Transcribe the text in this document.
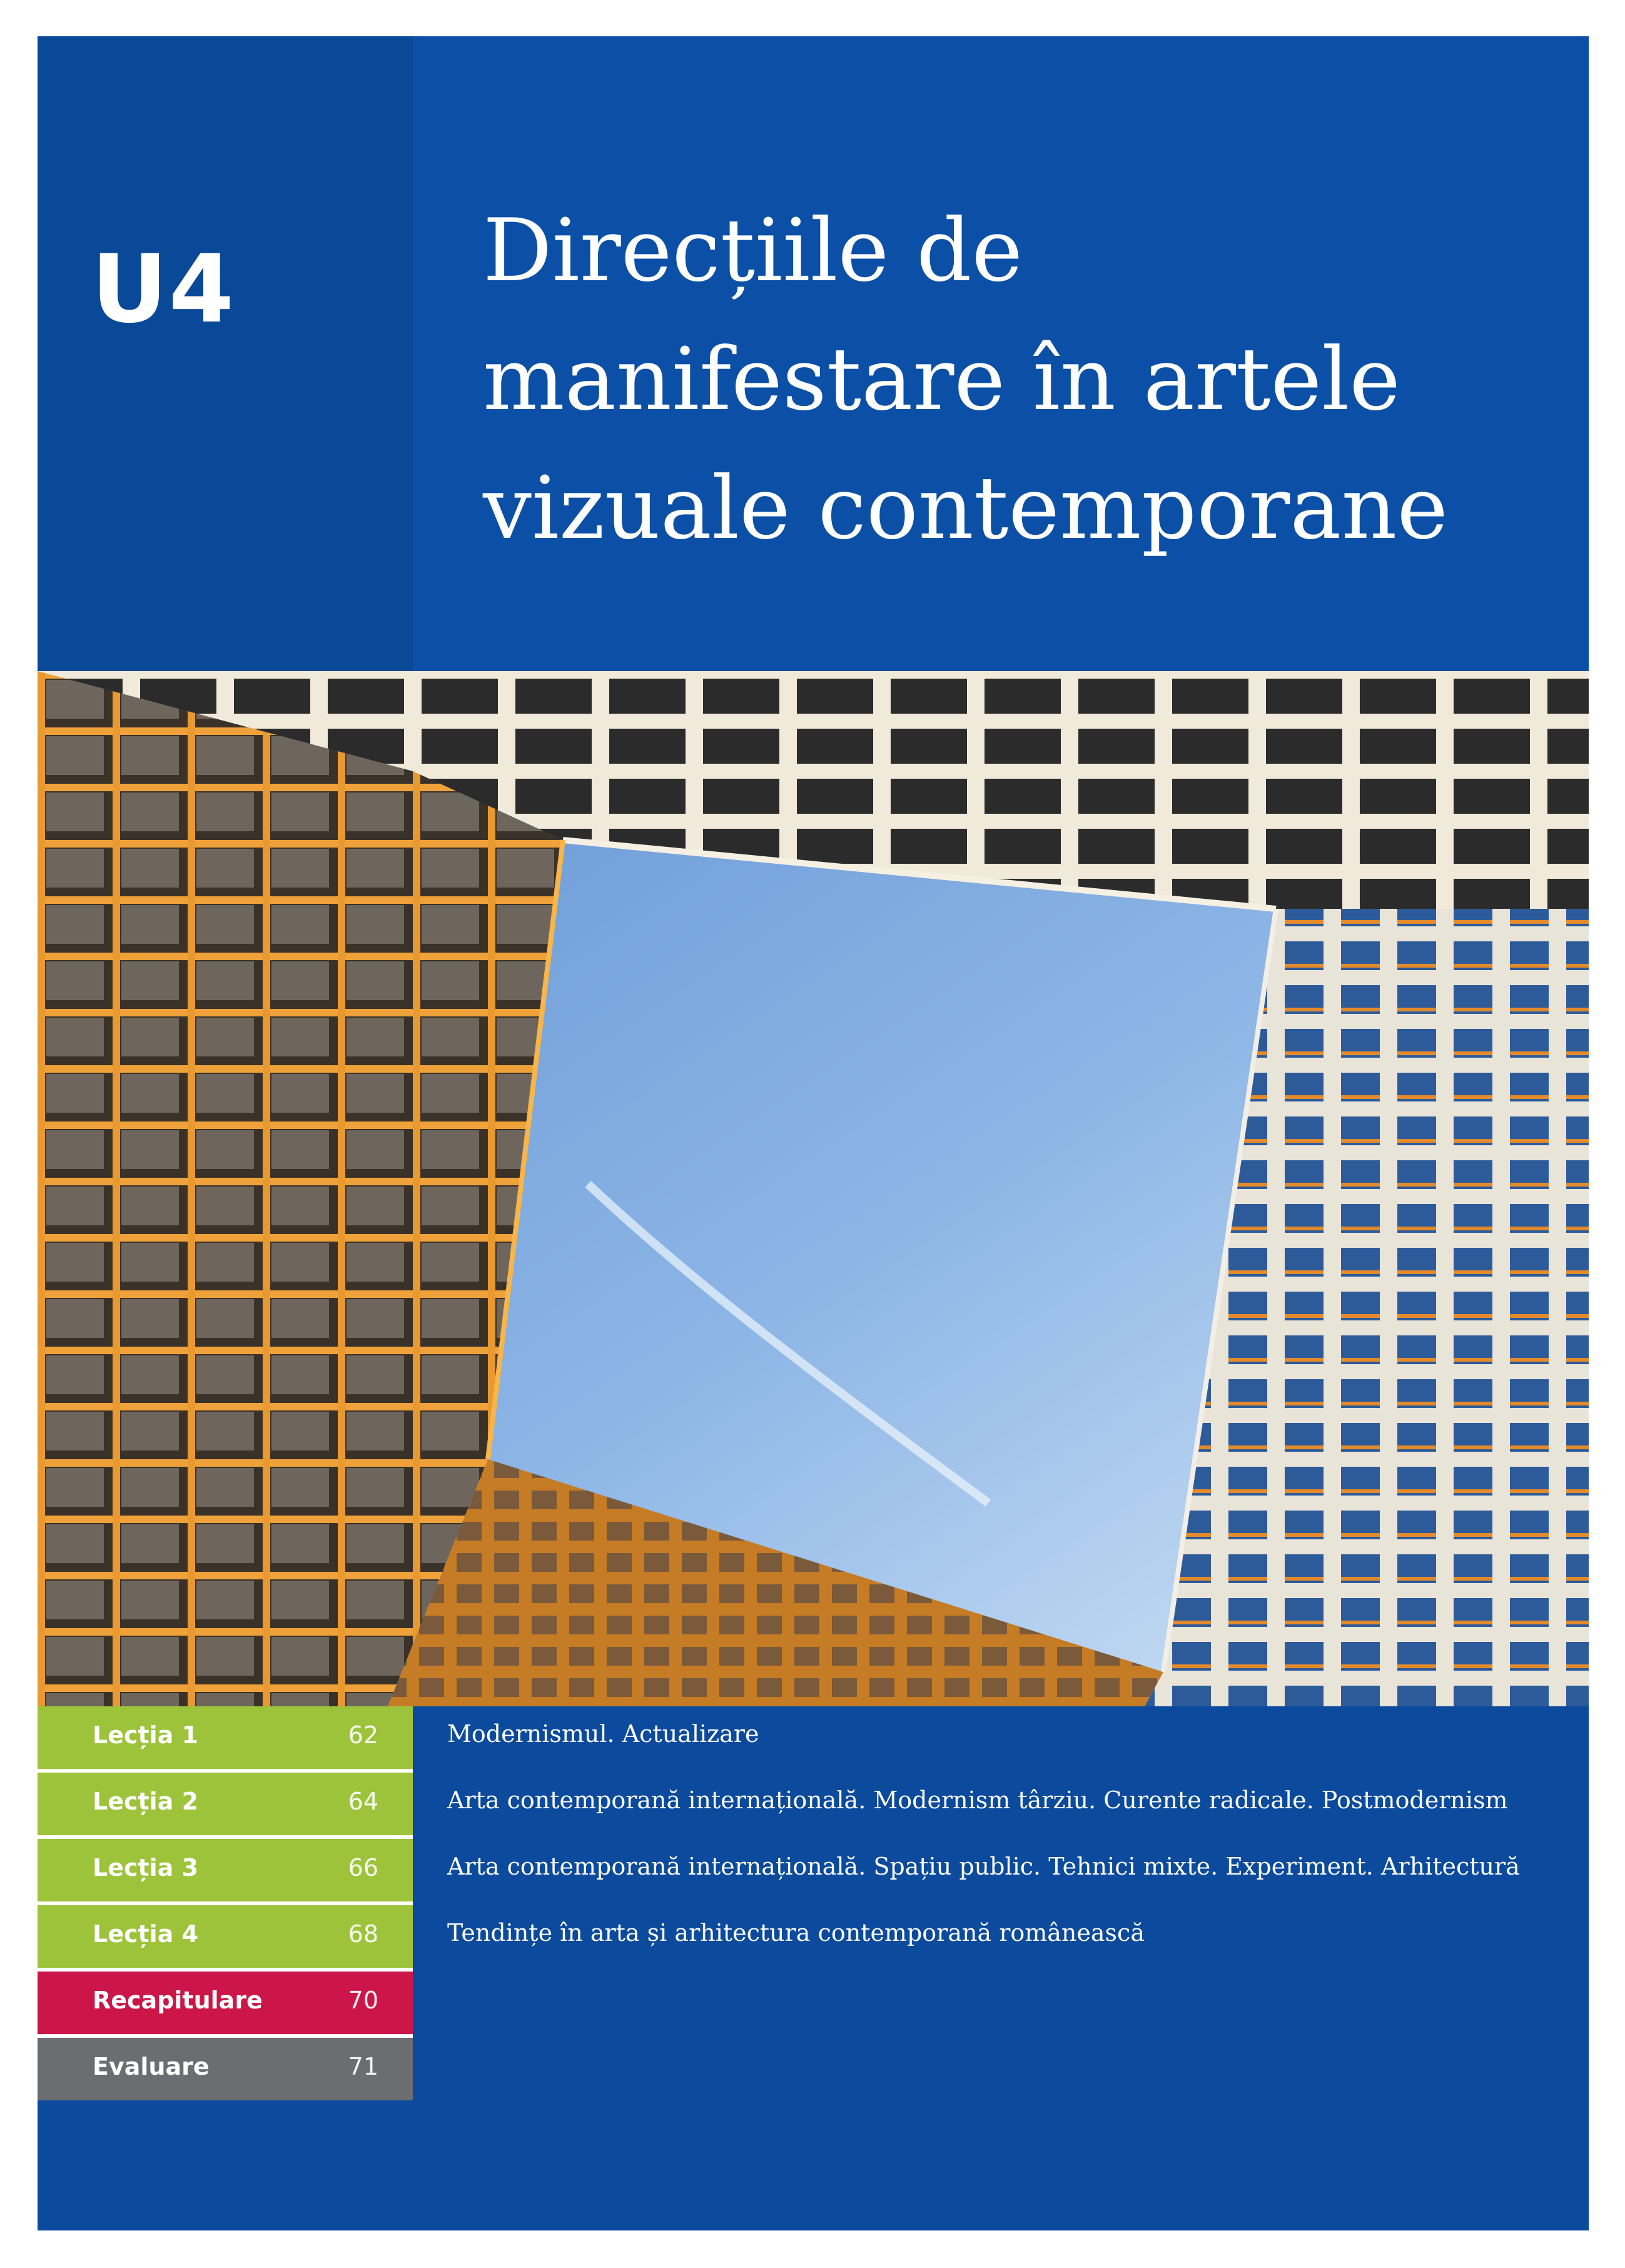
U4	Direcțiile de manifestare în artele vizuale contemporane
Lecția 1	62	Modernismul. Actualizare
Lecția 2	64	Arta contemporană internațională. Modernism târziu. Curente radicale. Postmodernism
Lecția 3	66	Arta contemporană internațională. Spațiu public. Tehnici mixte. Experiment. Arhitectură
Lecția 4	68	Tendințe în arta și arhitectura contemporană românească
Recapitulare	70
Evaluare	71
